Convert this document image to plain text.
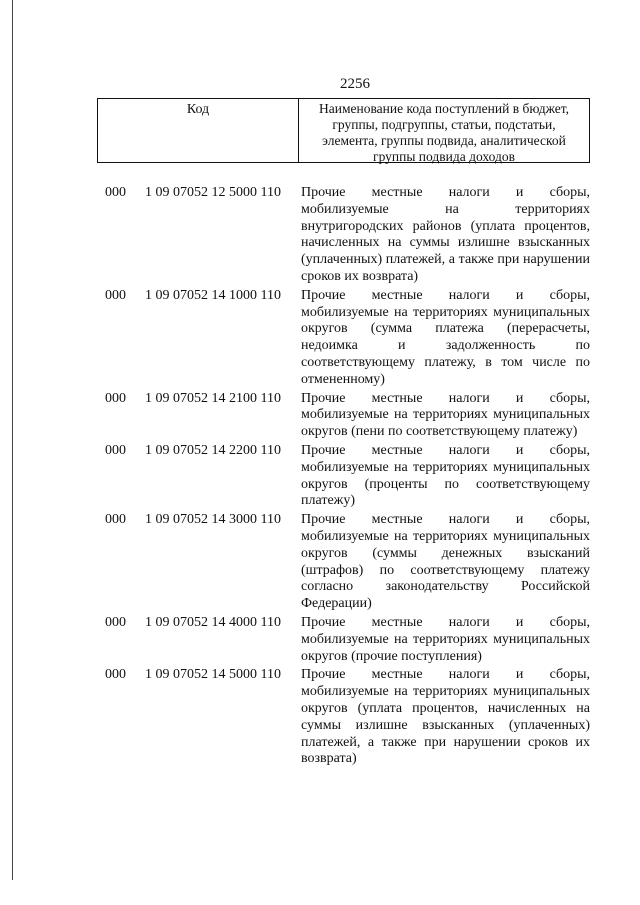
2256
Код	Наименование кода поступлений в бюджет, группы, подгруппы, статьи, подстатьи, элемента, группы подвида, аналитической группы подвида доходов
000	1 09 07052 12 5000 110	Прочие местные налоги и сборы, мобилизуемые на территориях внутригородских районов (уплата процентов, начисленных на суммы излишне взысканных (уплаченных) платежей, а также при нарушении сроков их возврата)
000	1 09 07052 14 1000 110	Прочие местные налоги и сборы, мобилизуемые на территориях муниципальных округов (сумма платежа (перерасчеты, недоимка и задолженность по соответствующему платежу, в том числе по отмененному)
000	1 09 07052 14 2100 110	Прочие местные налоги и сборы, мобилизуемые на территориях муниципальных округов (пени по соответствующему платежу)
000	1 09 07052 14 2200 110	Прочие местные налоги и сборы, мобилизуемые на территориях муниципальных округов (проценты по соответствующему платежу)
000	1 09 07052 14 3000 110	Прочие местные налоги и сборы, мобилизуемые на территориях муниципальных округов (суммы денежных взысканий (штрафов) по соответствующему платежу согласно законодательству Российской Федерации)
000	1 09 07052 14 4000 110	Прочие местные налоги и сборы, мобилизуемые на территориях муниципальных округов (прочие поступления)
000	1 09 07052 14 5000 110	Прочие местные налоги и сборы, мобилизуемые на территориях муниципальных округов (уплата процентов, начисленных на суммы излишне взысканных (уплаченных) платежей, а также при нарушении сроков их возврата)
